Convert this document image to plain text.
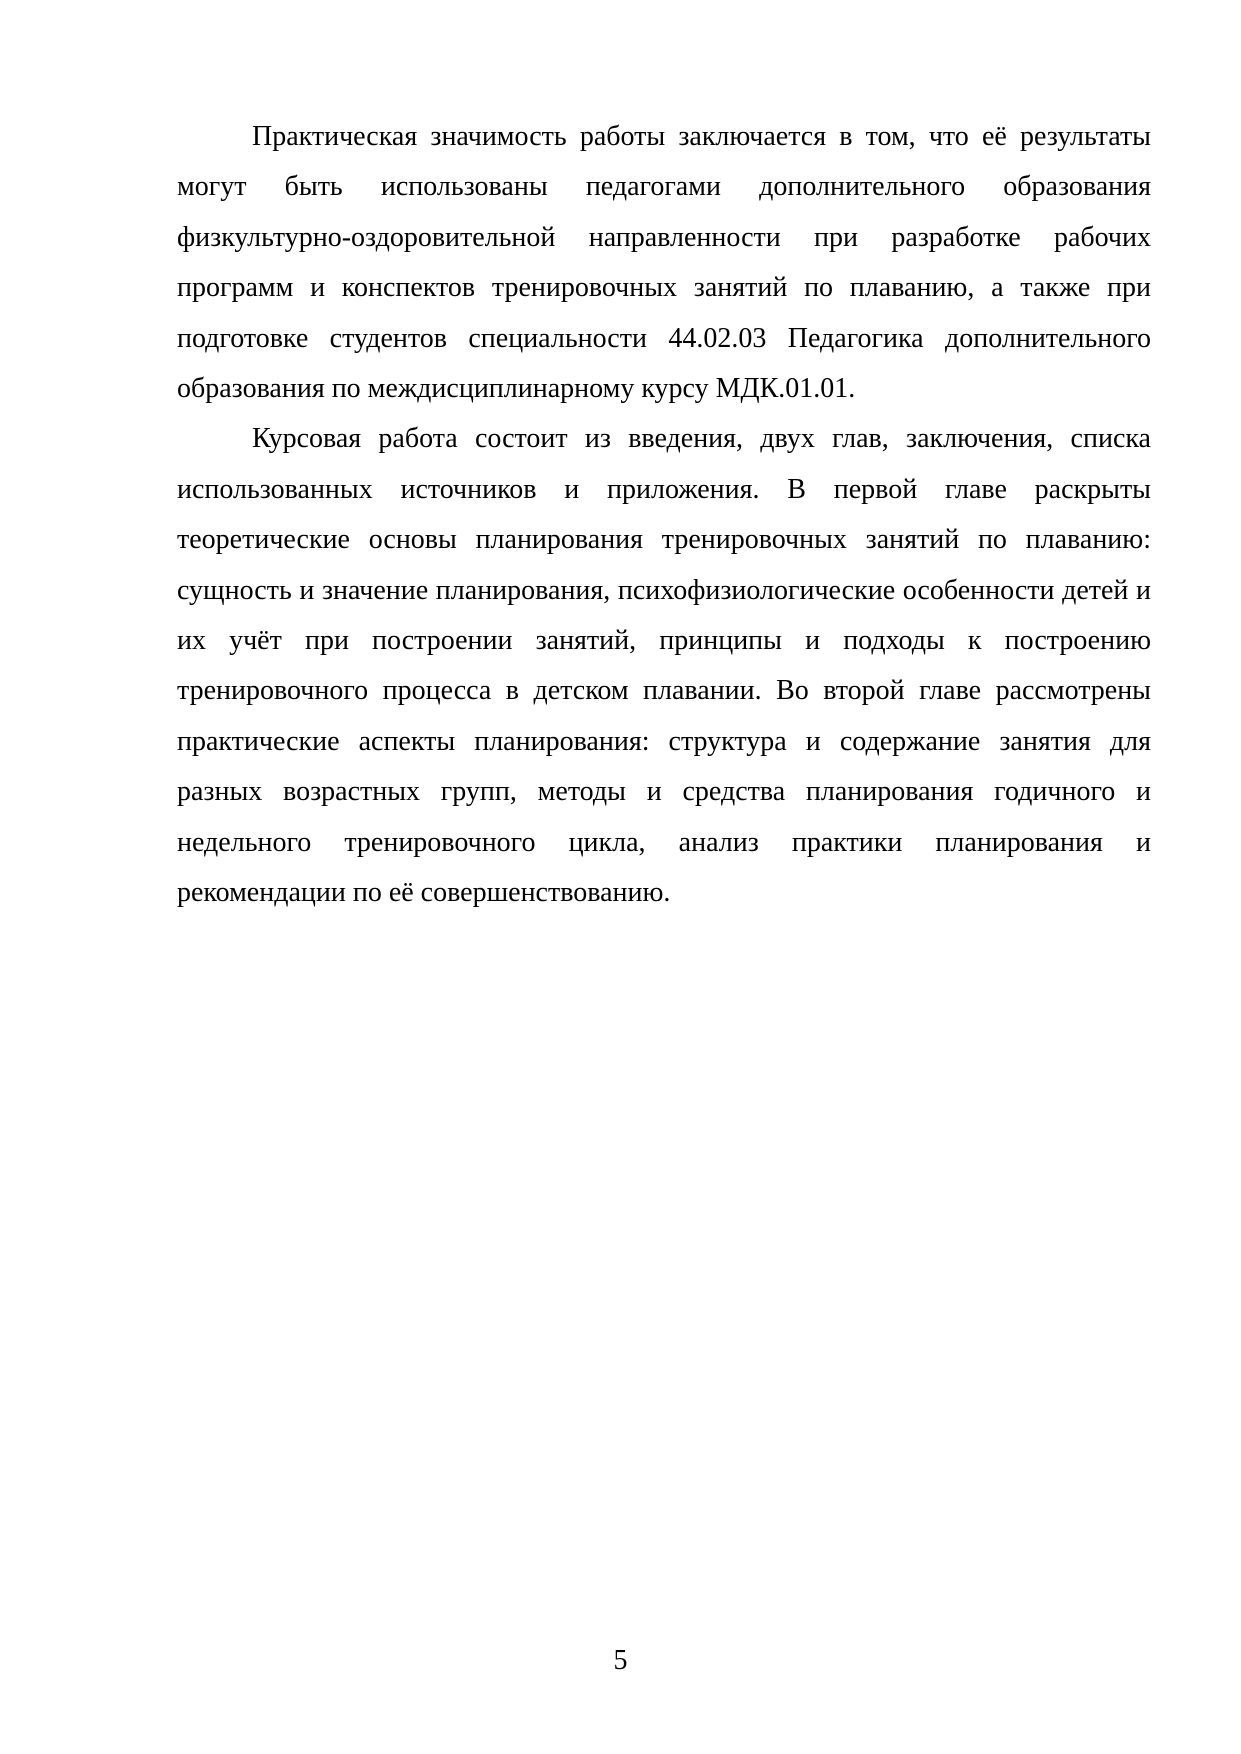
Практическая значимость работы заключается в том, что её результаты могут быть использованы педагогами дополнительного образования физкультурно-оздоровительной направленности при разработке рабочих программ и конспектов тренировочных занятий по плаванию, а также при подготовке студентов специальности 44.02.03 Педагогика дополнительного образования по междисциплинарному курсу МДК.01.01.

Курсовая работа состоит из введения, двух глав, заключения, списка использованных источников и приложения. В первой главе раскрыты теоретические основы планирования тренировочных занятий по плаванию: сущность и значение планирования, психофизиологические особенности детей и их учёт при построении занятий, принципы и подходы к построению тренировочного процесса в детском плавании. Во второй главе рассмотрены практические аспекты планирования: структура и содержание занятия для разных возрастных групп, методы и средства планирования годичного и недельного тренировочного цикла, анализ практики планирования и рекомендации по её совершенствованию.

5
